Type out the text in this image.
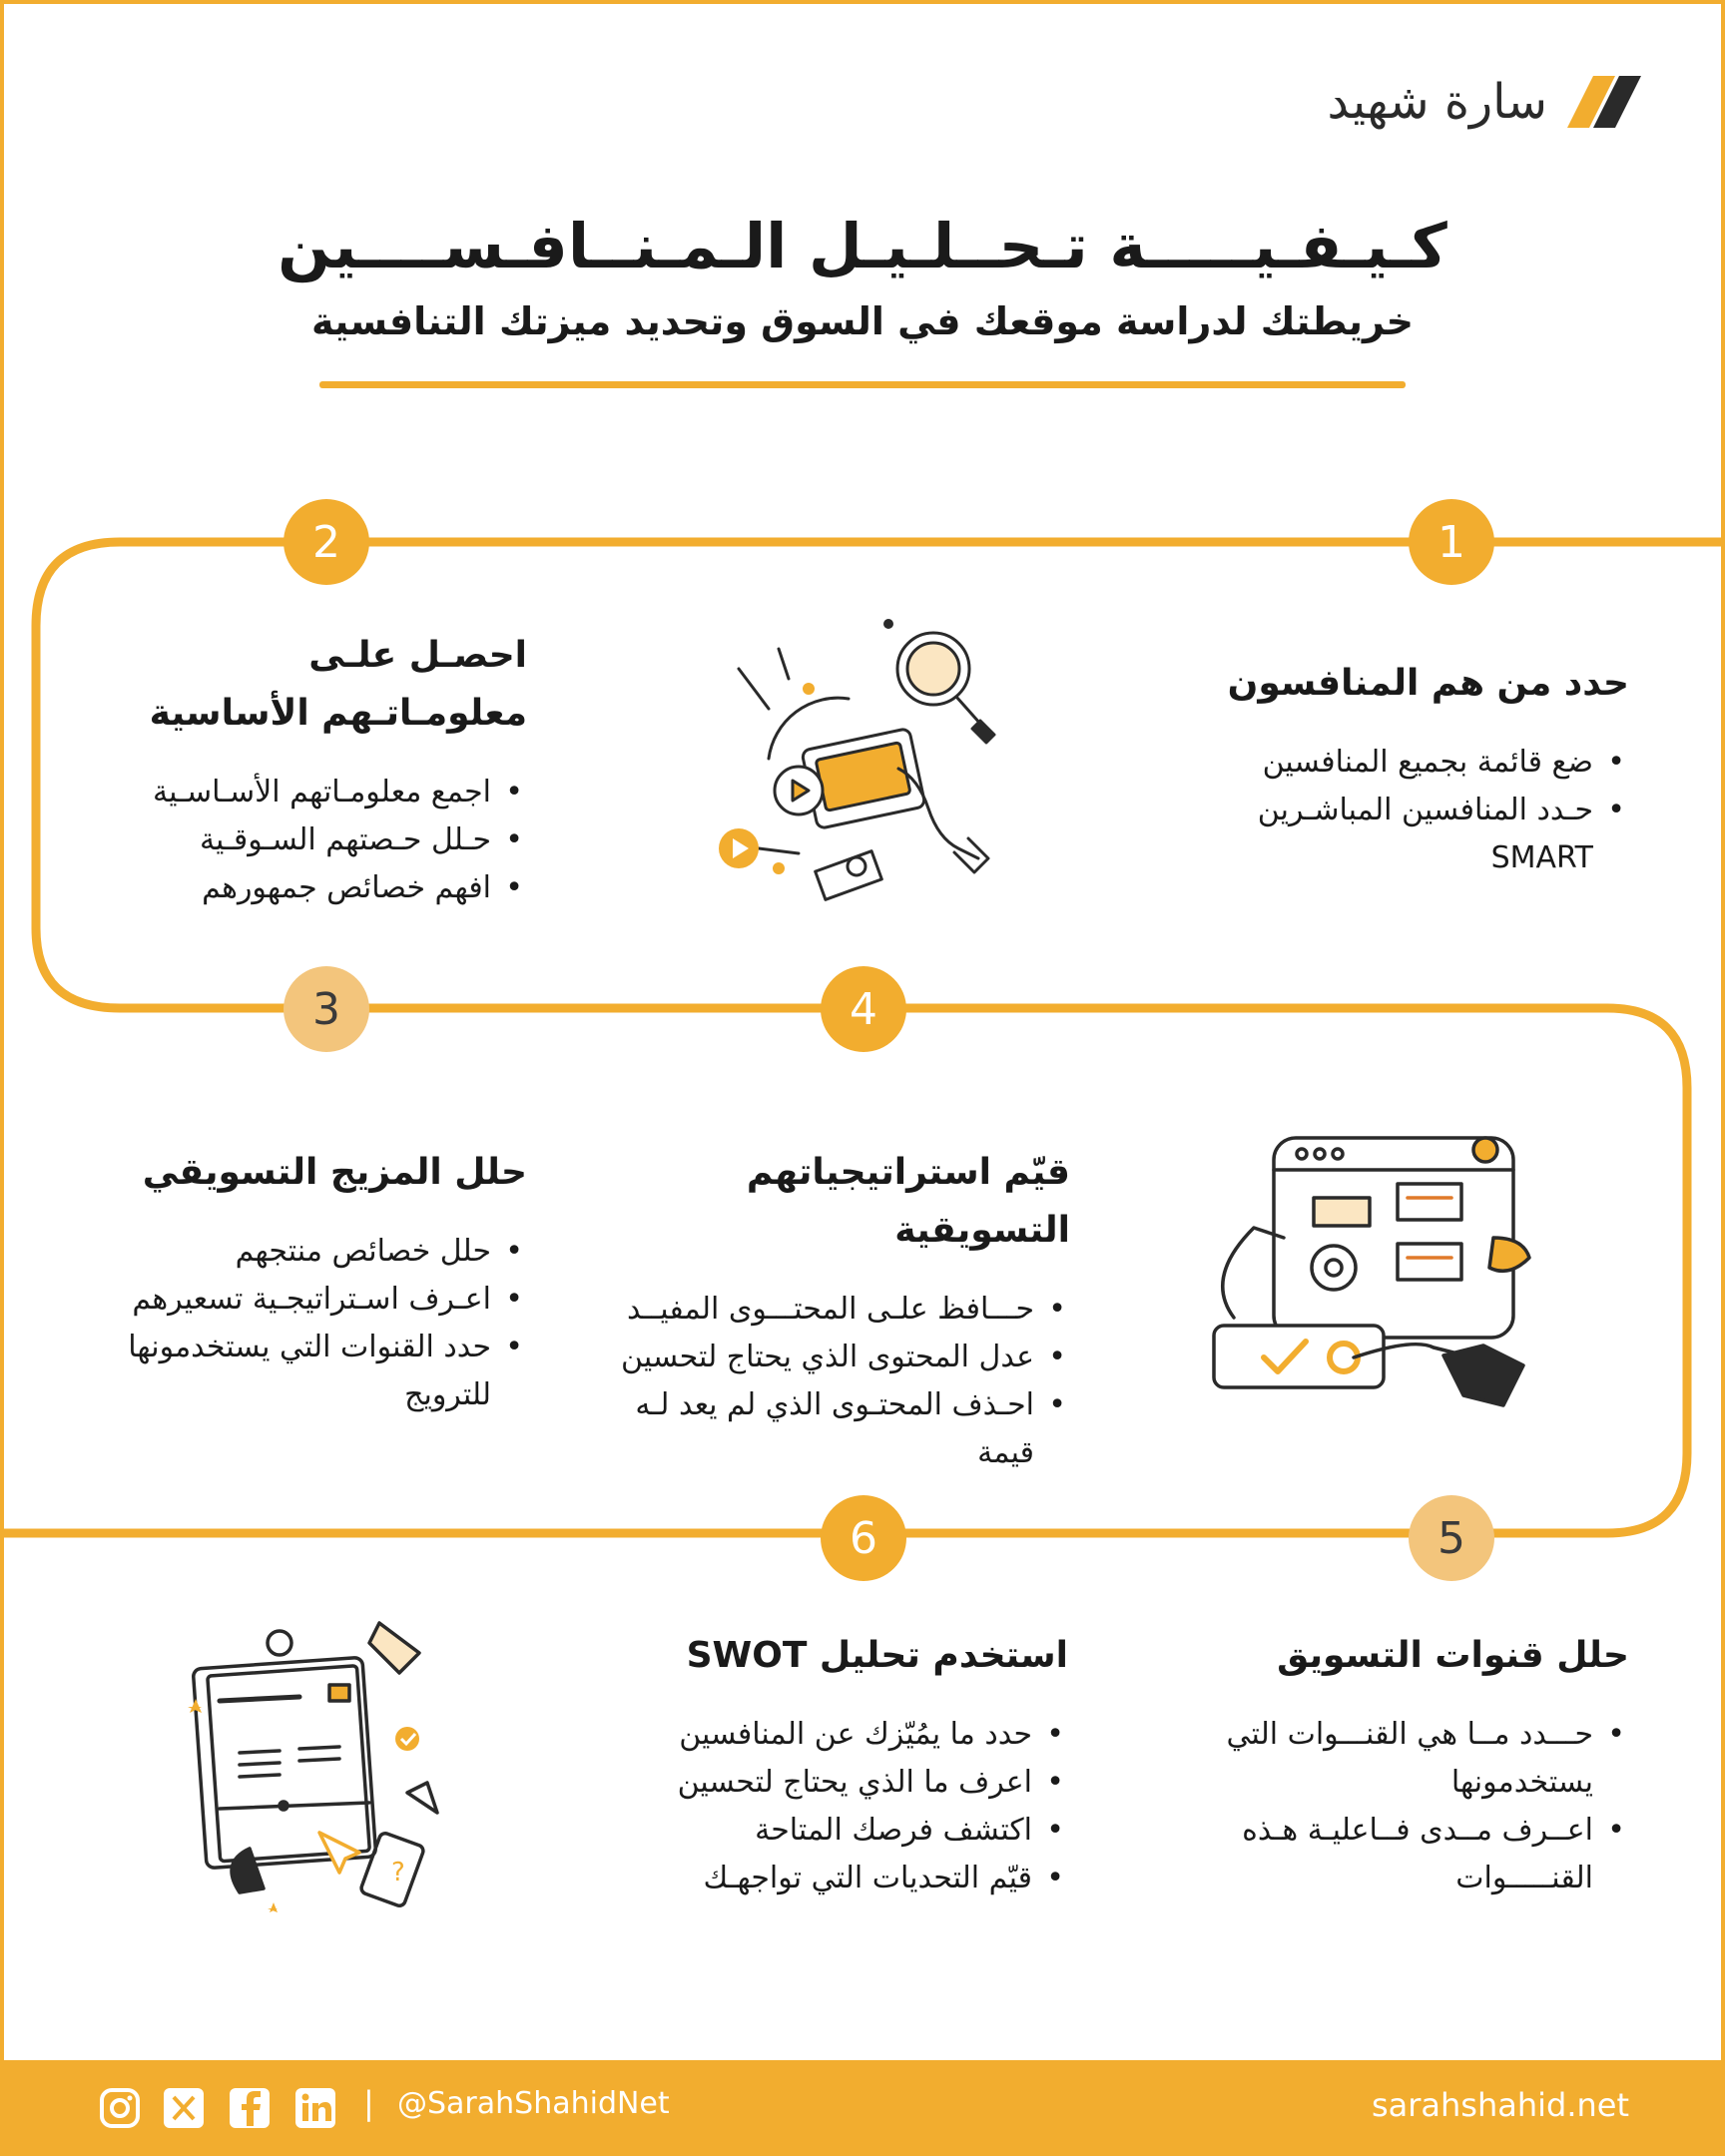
سارة شهيد
كـيـفـيـــــة تـحــلـيـل الـمـنــافـســــين
خريطتك لدراسة موقعك في السوق وتحديد ميزتك التنافسية
1
2
3	4
5
6
حدد من هم المنافسون
• ضع قائمة بجميع المنافسين
• حـدد المنافسين المباشـرين SMART
احصـل علـى معلومـاتـهم الأساسية
• اجمع معلومـاتهم الأسـاسـية
• حـلل حـصتهم السـوقـية
• افهم خصائص جمهورهم
حلل المزيج التسويقي
• حلل خصائص منتجهم
• اعـرف اسـتراتيجـية تسعيرهم
• حدد القنوات التي يستخدمونها للترويج
قيّم استراتيجياتهم التسويقية
• حـــافظ علـى المحتـــوى المفيــد
• عدل المحتوى الذي يحتاج لتحسين
• احـذف المحتـوى الذي لم يعد لـه قيمة
حلل قنوات التسويق
• حـــدد مــا هي القنـــوات التي يستخدمونها
• اعــرف مــدى فــاعليـة هـذه القنـــــوات
استخدم تحليل SWOT
• حدد ما يمُيّزك عن المنافسين
• اعرف ما الذي يحتاج لتحسين
• اكتشف فرصك المتاحة
• قيّم التحديات التي تواجهـك
?
| @SarahShahidNet	sarahshahid.net
